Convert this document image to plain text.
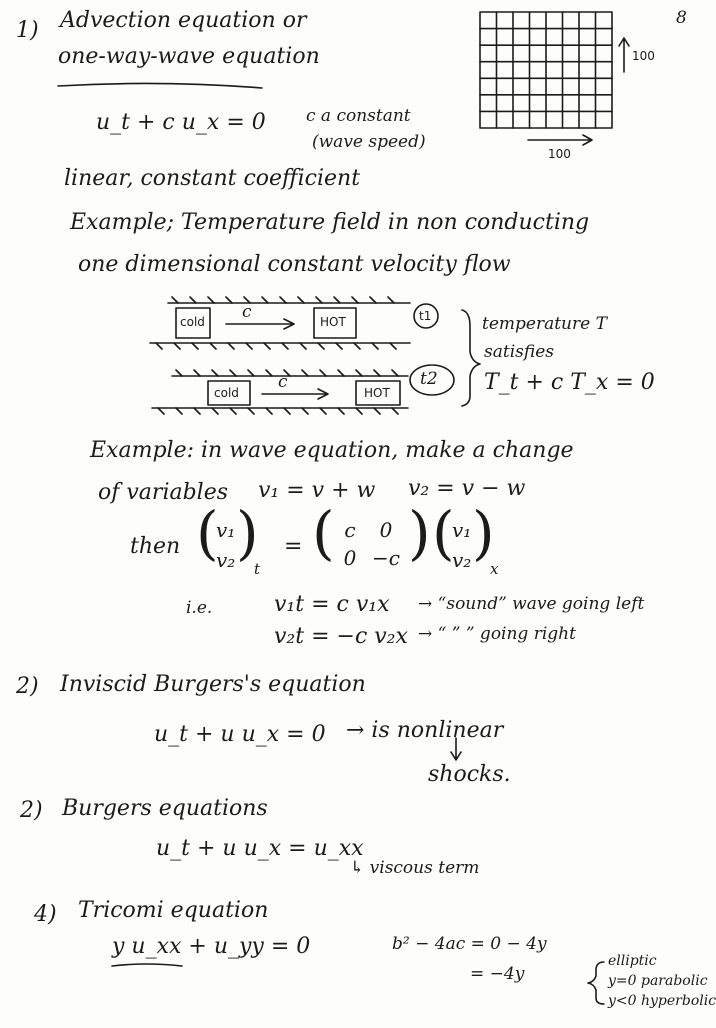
8
100
100
1) Advection equation or
one-way-wave equation
u_t + c u_x = 0 c a constant
(wave speed)
linear, constant coefficient
Example; Temperature field in non conducting
one dimensional constant velocity flow
cold	HOT
c	t1
cold	HOT
c	t2
temperature T
satisfies
T_t + c T_x = 0
Example: in wave equation, make a change
of variables v₁ = v + w v₂ = v − w
then (
v₁
v₂ )
t
= ( c	0
0 −c ) (
v₁
v₂ )
x
i.e.	v₁t = c v₁x → “sound” wave going left
v₂t = −c v₂x → “ ” ” going right
2) Inviscid Burgers's equation
u_t + u u_x = 0 → is nonlinear
shocks.
2) Burgers equations
u_t + u u_x = u_xx
↳ viscous term
4) Tricomi equation
y u_xx + u_yy = 0	b² − 4ac = 0 − 4y
= −4y
elliptic
y=0 parabolic
y<0 hyperbolic
